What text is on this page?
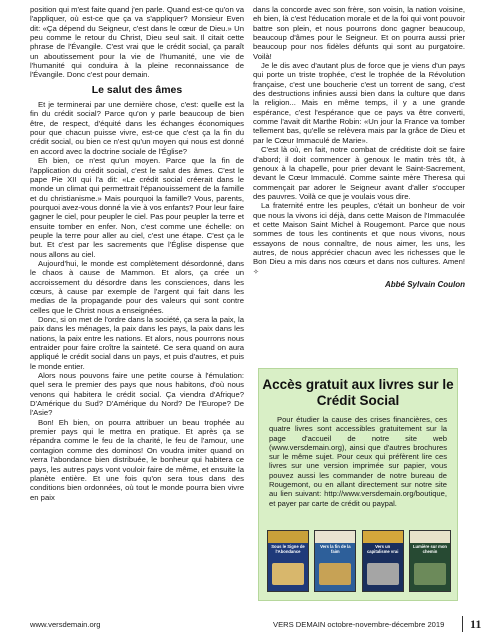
position qui m'est faite quand j'en parle. Quand est-ce qu'on va l'appliquer, où est-ce que ça va s'appliquer? Monsieur Even dit: «Ça dépend du Seigneur, c'est dans le cœur de Dieu.» Un peu comme le retour du Christ, Dieu seul sait. Il citait cette phrase de l'Évangile. C'est vrai que le crédit social, ça paraît un aboutissement pour la vie de l'humanité, une vie de l'humanité qui conduira à la pleine reconnaissance de l'Évangile. Donc c'est pour demain.

Le salut des âmes

Et je terminerai par une dernière chose, c'est: quelle est la fin du crédit social? Parce qu'on y parle beaucoup de bien être, de respect, d'équité dans les échanges économiques pour que chacun puisse vivre, est-ce que c'est ça la fin du crédit social, ou bien ce n'est qu'un moyen qui nous est donné en accord avec la doctrine sociale de l'Église?

Eh bien, ce n'est qu'un moyen. Parce que la fin de l'application du crédit social, c'est le salut des âmes. C'est le pape Pie XII qui l'a dit: «Le crédit social créerait dans le monde un climat qui permettrait l'épanouissement de la famille et du christianisme.» Mais pourquoi la famille? Vous, parents, pourquoi avez-vous donné la vie à vos enfants? Pour leur faire gagner le ciel, pour peupler le ciel. Pas pour peupler la terre et ensuite tomber en enfer. Non, c'est comme une échelle: on peuple la terre pour aller au ciel, c'est une étape. C'est ça le but. Et c'est par les sacrements que l'Église dispense que nous allons au ciel.

Aujourd'hui, le monde est complètement désordonné, dans le chaos à cause de Mammon. Et alors, ça crée un accroissement du désordre dans les consciences, dans les cœurs, à cause par exemple de l'argent qui fait dans les medias de la propagande pour des valeurs qui sont contre celles que le Christ nous a enseignées.

Donc, si on met de l'ordre dans la société, ça sera la paix, la paix dans les ménages, la paix dans les pays, la paix dans les nations, la paix entre les nations. Et alors, nous pourrons nous entraider pour faire croître la sainteté. Ce sera quand on aura appliqué le crédit social dans un pays, et puis d'autres, et puis le monde entier.

Alors nous pouvons faire une petite course à l'émulation: quel sera le premier des pays que nous habitons, d'où nous venons qui habitera le crédit social. Ça viendra d'Afrique? D'Amérique du Sud? D'Amérique du Nord? De l'Europe? De l'Asie?

Bon! Eh bien, on pourra attribuer un beau trophée au premier pays qui le mettra en pratique. Et après ça se répandra comme le feu de la charité, le feu de l'amour, une contagion comme des dominos! On voudra imiter quand on verra l'abondance bien distribuée, le bonheur qui habitera ce pays, les autres pays vont vouloir faire de même, et ensuite la planète entière. Et une fois qu'on sera tous dans des conditions bien ordonnées, où tout le monde pourra bien vivre en paix

dans la concorde avec son frère, son voisin, la nation voisine, eh bien, là c'est l'éducation morale et de la foi qui vont pouvoir battre son plein, et nous pourrons donc gagner beaucoup, beaucoup d'âmes pour le Seigneur. Et on pourra aussi prier beaucoup pour nos fidèles défunts qui sont au purgatoire. Voilà!

Je le dis avec d'autant plus de force que je viens d'un pays qui porte un triste trophée, c'est le trophée de la Révolution française, c'est une boucherie c'est un torrent de sang, c'est des destructions infinies aussi bien dans la culture que dans la religion... Mais en même temps, il y a une grande espérance, c'est l'espérance que ce pays va être converti, comme l'avait dit Marthe Robin: «Un jour la France va tomber tellement bas, qu'elle se relèvera mais par la grâce de Dieu et par le Cœur Immaculé de Marie».

C'est là où, en fait, notre combat de créditiste doit se faire d'abord; il doit commencer à genoux le matin très tôt, à genoux à la chapelle, pour prier devant le Saint-Sacrement, devant le Cœur Immaculé. Comme sainte mère Theresa qui commençait par adorer le Seigneur avant d'aller s'occuper des pauvres. Voilà ce que je voulais vous dire.

La fraternité entre les peuples, c'était un bonheur de voir que nous la vivons ici déjà, dans cette Maison de l'Immaculée et cette Maison Saint Michel à Rougemont. Parce que nous sommes de tous les continents et que nous vivons, nous essayons de nous connaître, de nous aimer, les uns, les autres, de nous apprécier chacun avec les richesses que le Bon Dieu a mis dans nos cœurs et dans nos cultures. Amen! ✧

Abbé Sylvain Coulon
Accès gratuit aux livres sur le Crédit Social

Pour étudier la cause des crises financières, ces quatre livres sont accessibles gratuitement sur la page d'accueil de notre site web (www.versdemain.org), ainsi que d'autres brochures sur le même sujet. Pour ceux qui préfèrent lire ces livres sur une version imprimée sur papier, vous pouvez aussi les commander de notre bureau de Rougemont, ou en allant directement sur notre site au lien suivant: http://www.versdemain.org/boutique, et payer par carte de crédit ou paypal.

Sous le Signe de l'Abondance
Vers la fin de la faim
Vers un capitalisme vrai
Lumière sur mon chemin
www.versdemain.org	VERS DEMAIN octobre-novembre-décembre 2019 11
